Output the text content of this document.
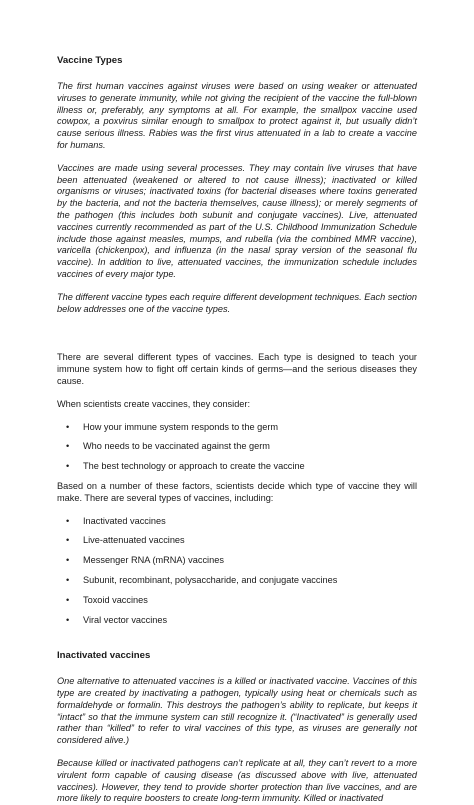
Vaccine Types

The first human vaccines against viruses were based on using weaker or attenuated viruses to generate immunity, while not giving the recipient of the vaccine the full-blown illness or, preferably, any symptoms at all. For example, the smallpox vaccine used cowpox, a poxvirus similar enough to smallpox to protect against it, but usually didn’t cause serious illness. Rabies was the first virus attenuated in a lab to create a vaccine for humans.

Vaccines are made using several processes. They may contain live viruses that have been attenuated (weakened or altered to not cause illness); inactivated or killed organisms or viruses; inactivated toxins (for bacterial diseases where toxins generated by the bacteria, and not the bacteria themselves, cause illness); or merely segments of the pathogen (this includes both subunit and conjugate vaccines). Live, attenuated vaccines currently recommended as part of the U.S. Childhood Immunization Schedule include those against measles, mumps, and rubella (via the combined MMR vaccine), varicella (chickenpox), and influenza (in the nasal spray version of the seasonal flu vaccine). In addition to live, attenuated vaccines, the immunization schedule includes vaccines of every major type.

The different vaccine types each require different development techniques. Each section below addresses one of the vaccine types.

There are several different types of vaccines. Each type is designed to teach your immune system how to fight off certain kinds of germs—and the serious diseases they cause.

When scientists create vaccines, they consider:

• How your immune system responds to the germ
• Who needs to be vaccinated against the germ
• The best technology or approach to create the vaccine

Based on a number of these factors, scientists decide which type of vaccine they will make. There are several types of vaccines, including:

• Inactivated vaccines
• Live-attenuated vaccines
• Messenger RNA (mRNA) vaccines
• Subunit, recombinant, polysaccharide, and conjugate vaccines
• Toxoid vaccines
• Viral vector vaccines
Inactivated vaccines

One alternative to attenuated vaccines is a killed or inactivated vaccine. Vaccines of this type are created by inactivating a pathogen, typically using heat or chemicals such as formaldehyde or formalin. This destroys the pathogen’s ability to replicate, but keeps it “intact” so that the immune system can still recognize it. (“Inactivated” is generally used rather than “killed” to refer to viral vaccines of this type, as viruses are generally not considered alive.)

Because killed or inactivated pathogens can’t replicate at all, they can’t revert to a more virulent form capable of causing disease (as discussed above with live, attenuated vaccines). However, they tend to provide shorter protection than live vaccines, and are more likely to require boosters to create long-term immunity. Killed or inactivated
